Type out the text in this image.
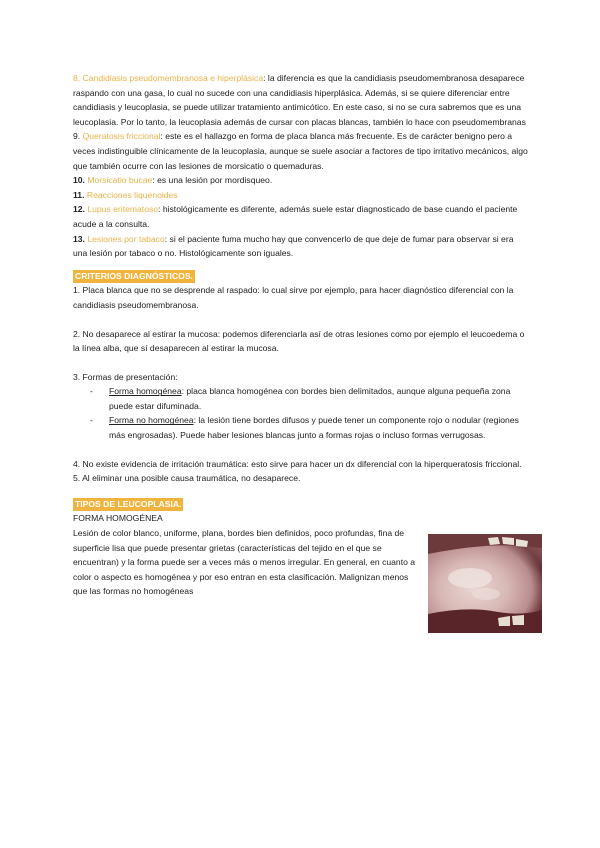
8. Candidiasis pseudomembranosa e hiperplásica: la diferencia es que la candidiasis pseudomembranosa desaparece raspando con una gasa, lo cual no sucede con una candidiasis hiperplásica. Además, si se quiere diferenciar entre candidiasis y leucoplasia, se puede utilizar tratamiento antimicótico. En este caso, si no se cura sabremos que es una leucoplasia. Por lo tanto, la leucoplasia además de cursar con placas blancas, también lo hace con pseudomembranas 9. Queratosis friccional: este es el hallazgo en forma de placa blanca más frecuente. Es de carácter benigno pero a veces indistinguible clínicamente de la leucoplasia, aunque se suele asociar a factores de tipo irritativo mecánicos, algo que también ocurre con las lesiones de morsicatio o quemaduras.

10. Morsicatio bucae: es una lesión por mordisqueo.

11. Reacciones liquenoides

12. Lupus eritematoso: histológicamente es diferente, además suele estar diagnosticado de base cuando el paciente acude a la consulta.

13. Lesiones por tabaco: si el paciente fuma mucho hay que convencerlo de que deje de fumar para observar si era una lesión por tabaco o no. Histológicamente son iguales.

CRITERIOS DIAGNÓSTICOS.

1. Placa blanca que no se desprende al raspado: lo cual sirve por ejemplo, para hacer diagnóstico diferencial con la candidiasis pseudomembranosa.

2. No desaparece al estirar la mucosa: podemos diferenciarla así de otras lesiones como por ejemplo el leucoedema o la línea alba, que sí desaparecen al estirar la mucosa.

3. Formas de presentación:

- Forma homogénea: placa blanca homogénea con bordes bien delimitados, aunque alguna pequeña zona puede estar difuminada.

- Forma no homogénea: la lesión tiene bordes difusos y puede tener un componente rojo o nodular (regiones más engrosadas). Puede haber lesiones blancas junto a formas rojas o incluso formas verrugosas.

4. No existe evidencia de irritación traumática: esto sirve para hacer un dx diferencial con la hiperqueratosis friccional.

5. Al eliminar una posible causa traumática, no desaparece.

TIPOS DE LEUCOPLASIA.

FORMA HOMOGÉNEA

Lesión de color blanco, uniforme, plana, bordes bien definidos, poco profundas, fina de superficie lisa que puede presentar grietas (características del tejido en el que se encuentran) y la forma puede ser a veces más o menos irregular. En general, en cuanto a color o aspecto es homogénea y por eso entran en esta clasificación. Malignizan menos que las formas no homogéneas
